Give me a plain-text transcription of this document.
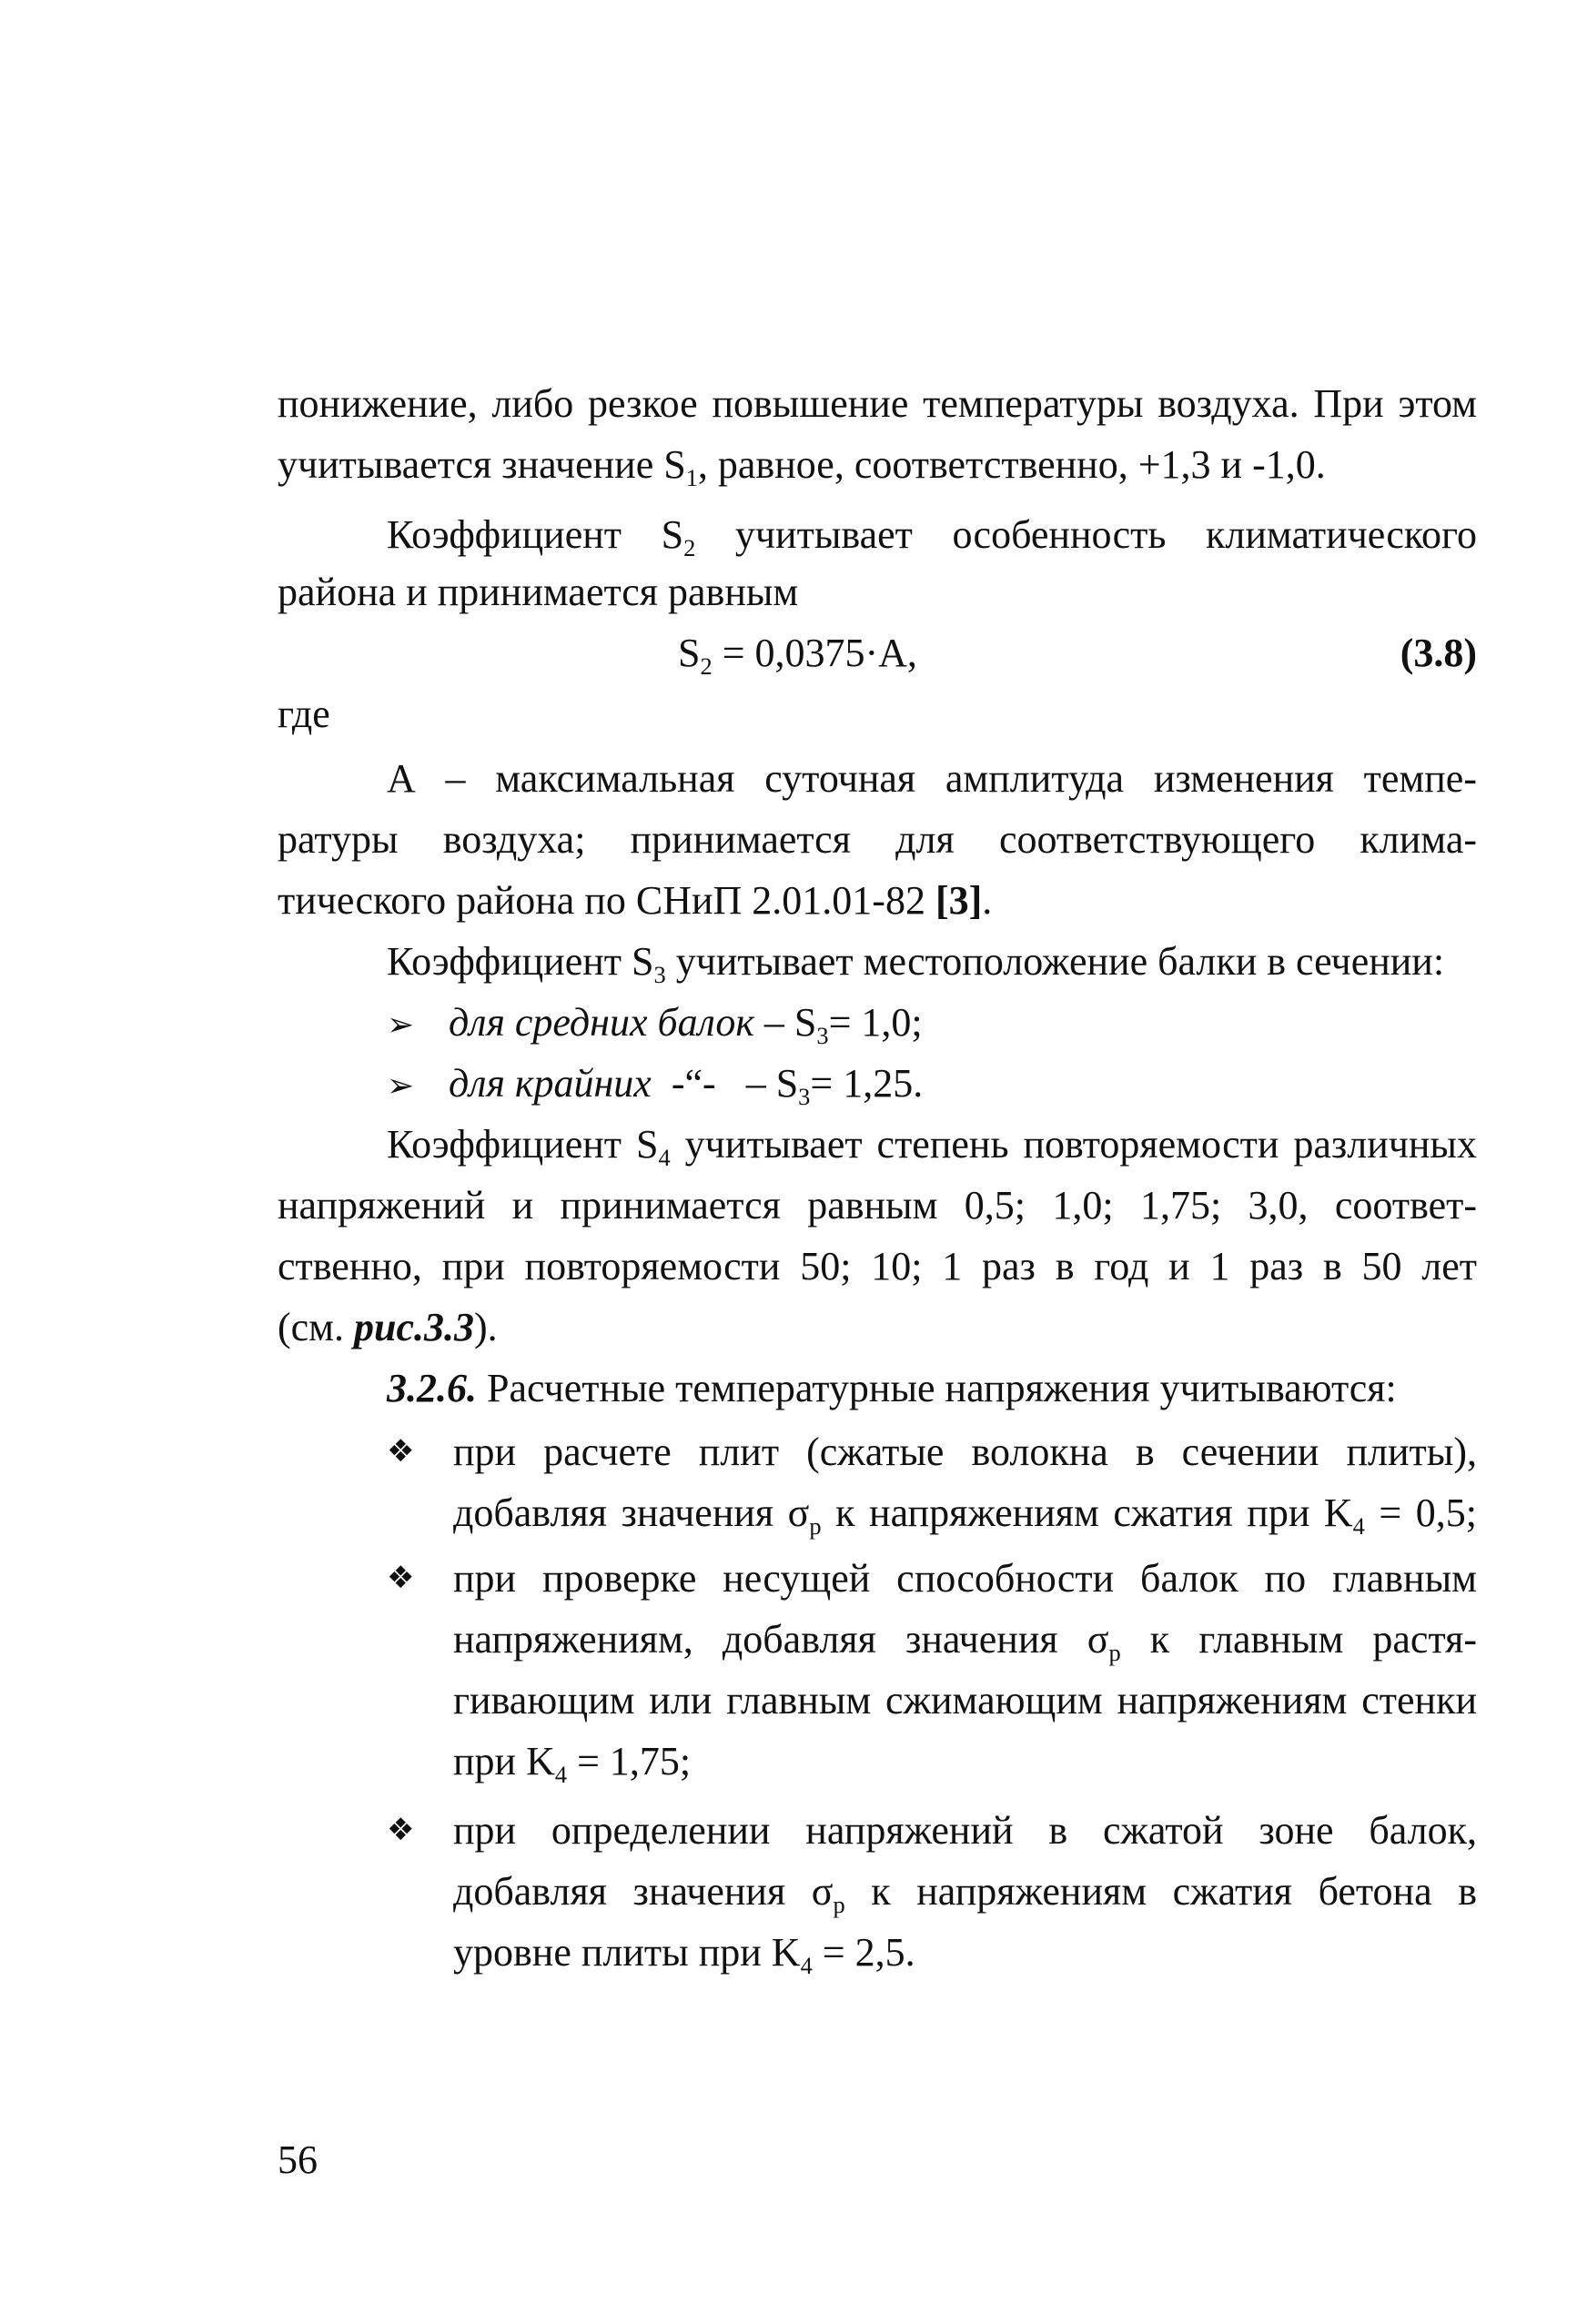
понижение, либо резкое повышение температуры воздуха. При этом
учитывается значение $S_1$, равное, соответственно, +1,3 и -1,0.
Коэффициент $S_2$ учитывает особенность климатического
района и принимается равным
$S_2 = 0,0375\cdot A$,	(3.8)
где
А – максимальная суточная амплитуда изменения темпе-
ратуры воздуха; принимается для соответствующего клима-
тического района по СНиП 2.01.01-82 [3].
Коэффициент $S_3$ учитывает местоположение балки в сечении:
➢ для средних балок – $S_3= 1,0$;
➢ для крайних  -“-   – $S_3= 1,25$.
Коэффициент $S_4$ учитывает степень повторяемости различных
напряжений и принимается равным 0,5; 1,0; 1,75; 3,0, соответ-
ственно, при повторяемости 50; 10; 1 раз в год и 1 раз в 50 лет
(см. рис.3.3).
3.2.6. Расчетные температурные напряжения учитываются:
❖ при расчете плит (сжатые волокна в сечении плиты),
добавляя значения $\sigma_р$ к напряжениям сжатия при $K_4 = 0,5$;
❖ при проверке несущей способности балок по главным
напряжениям, добавляя значения $\sigma_р$ к главным растя-
гивающим или главным сжимающим напряжениям стенки
при $K_4 = 1,75$;
❖ при определении напряжений в сжатой зоне балок,
добавляя значения $\sigma_р$ к напряжениям сжатия бетона в
уровне плиты при $K_4 = 2,5$.
56
